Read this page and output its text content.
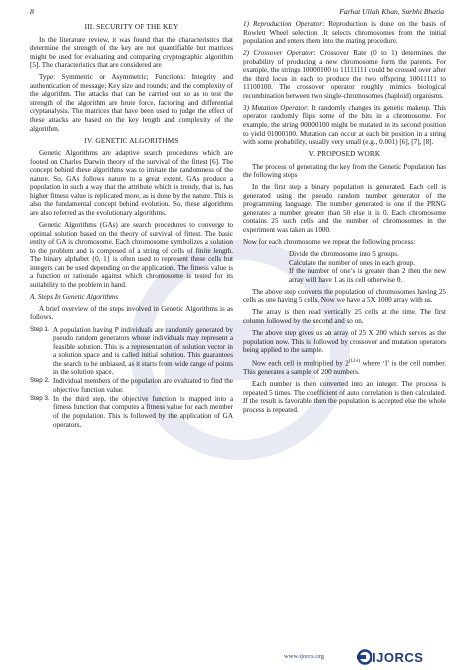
8	Farhat Ullah Khan, Surbhi Bhatia
III. SECURITY OF THE KEY

In the literature review, it was found that the characteristics that determine the strength of the key are not quantifiable but matrices might be used for evaluating and comparing cryptographic algorithm [5]. The characteristics that are considered are

Type: Symmetric or Asymmetric; Functions: Integrity and authentication of message; Key size and rounds; and the complexity of the algorithm. The attacks that can be carried out so as to test the strength of the algorithm are brute force, factoring and differential cryptanalysis. The matrices that have been used to judge the effect of these attacks are based on the key length and complexity of the algorithm.

IV. GENETIC ALGORITHMS

Genetic Algorithms are adaptive search procedures which are footed on Charles Darwin theory of the survival of the fittest [6]. The concept behind these algorithms was to imitate the randomness of the nature. So, GAs follows nature to a great extent. GAs produce a population in such a way that the attribute which is trendy, that is, has higher fitness value is replicated more, as is done by the nature. This is also the fundamental concept behind evolution. So, these algorithms are also referred as the evolutionary algorithms.

Genetic Algorithms (GAs) are search procedures to converge to optimal solution based on the theory of survival of fittest. The basic entity of GA is chromosome. Each chromosome symbolizes a solution to the problem and is composed of a string of cells of finite length. The binary alphabet {0, 1} is often used to represent these cells but integers can be used depending on the application. The fitness value is a function or rationale against which chromosome is tested for its suitability to the problem in hand.

A. Steps In Genetic Algorithms

A brief overview of the steps involved in Genetic Algorithms is as follows.

Step 1. A population having P individuals are randomly generated by pseudo random generators whose individuals may represent a feasible solution. This is a representation of solution vector in a solution space and is called initial solution. This guarantees the search to be unbiased, as it starts from wide range of points in the solution space.
Step 2. Individual members of the population are evaluated to find the objective function value.
Step 3. In the third step, the objective function is mapped into a fitness function that computes a fitness value for each member of the population. This is followed by the application of GA operators.

1) Reproduction Operator: Reproduction is done on the basis of Rowlett Wheel selection .It selects chromosomes from the initial population and enters them into the mating procedure.

2) Crossover Operator: Crossover Rate (0 to 1) determines the probability of producing a new chromosome form the parents. For example, the strings 10000100 to 11111111 could be crossed over after the third locus in each to produce the two offspring 10011111 to 11100100. The crossover operator roughly mimics biological recombination between two single-chromosomes (haploid) organisms.

3) Mutation Operator: It randomly changes its genetic makeup. This operator randomly flips some of the bits in a chromosome. For example, the string 00000100 might be mutated in its second position to yield 01000100. Mutation can occur at each bit position in a string with some probability, usually very small (e.g., 0.001) [6], [7], [8].

V. PROPOSED WORK

The process of generating the key from the Genetic Population has the following steps

In the first step a binary population is generated. Each cell is generated using the pseudo random number generator of the programming language. The number generated is one if the PRNG generates a number greater than 50 else it is 0. Each chromosome contains 25 such cells and the number of chromosomes in the experiment was taken as 1000.

Now for each chromosome we repeat the following process:

Divide the chromosome into 5 groups.

Calculate the number of ones in each group.

If the number of one’s is greater than 2 then the new array will have 1 as its cell otherwise 0.

The above step converts the population of chromosomes having 25 cells as one having 5 cells. Now we have a 5X 1000 array with us.

The array is then read vertically 25 cells at the time. The first column followed by the second and so on.

The above step gives us an array of 25 X 200 which serves as the population now. This is followed by crossover and mutation operators being applied to the sample.

Now each cell is multiplied by 2$^{(12-i)}$ where ‘I’ is the cell number. This generates a sample of 200 numbers.

Each number is then converted into an integer. The process is repeated 5 times. The coefficient of auto correlation is then calculated. If the result is favorable then the population is accepted else the whole process is repeated.

www.ijorcs.org	IJORCS
